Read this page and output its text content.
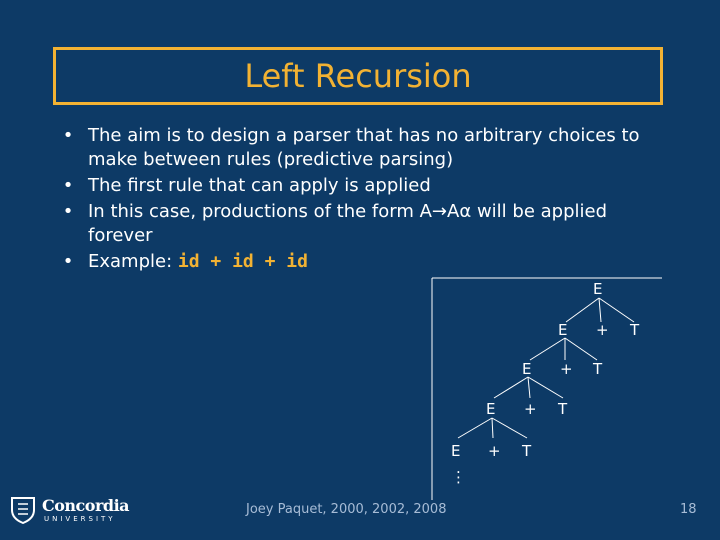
Left Recursion
• The aim is to design a parser that has no arbitrary choices to make between rules (predictive parsing)
• The first rule that can apply is applied
• In this case, productions of the form A→Aα will be applied forever
• Example: id + id + id
E
E + T
E + T
E + T
E + T
⋮
Concordia
UNIVERSITY
Joey Paquet, 2000, 2002, 2008	18
